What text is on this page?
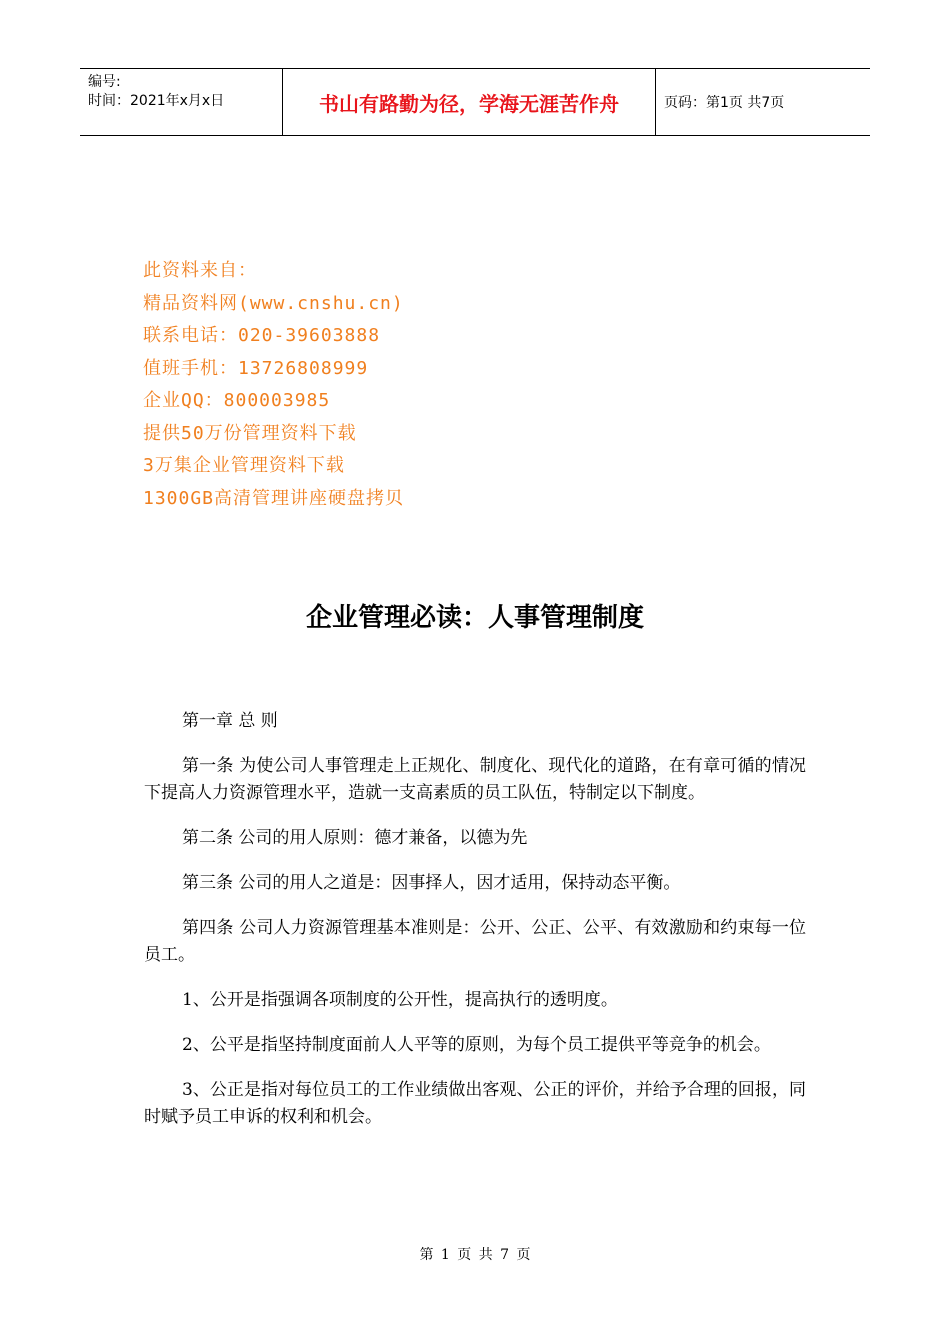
编号:
时间：2021年x月x日	书山有路勤为径，学海无涯苦作舟	页码：第1页 共7页
此资料来自：
精品资料网(www.cnshu.cn)
联系电话：020-39603888
值班手机：13726808999
企业QQ：800003985
提供50万份管理资料下载
3万集企业管理资料下载
1300GB高清管理讲座硬盘拷贝
企业管理必读：人事管理制度

第一章 总 则

第一条 为使公司人事管理走上正规化、制度化、现代化的道路，在有章可循的情况下提高人力资源管理水平，造就一支高素质的员工队伍，特制定以下制度。

第二条 公司的用人原则：德才兼备，以德为先

第三条 公司的用人之道是：因事择人，因才适用，保持动态平衡。

第四条 公司人力资源管理基本准则是：公开、公正、公平、有效激励和约束每一位员工。

1、公开是指强调各项制度的公开性，提高执行的透明度。

2、公平是指坚持制度面前人人平等的原则，为每个员工提供平等竞争的机会。

3、公正是指对每位员工的工作业绩做出客观、公正的评价，并给予合理的回报，同时赋予员工申诉的权利和机会。

第 1 页 共 7 页
